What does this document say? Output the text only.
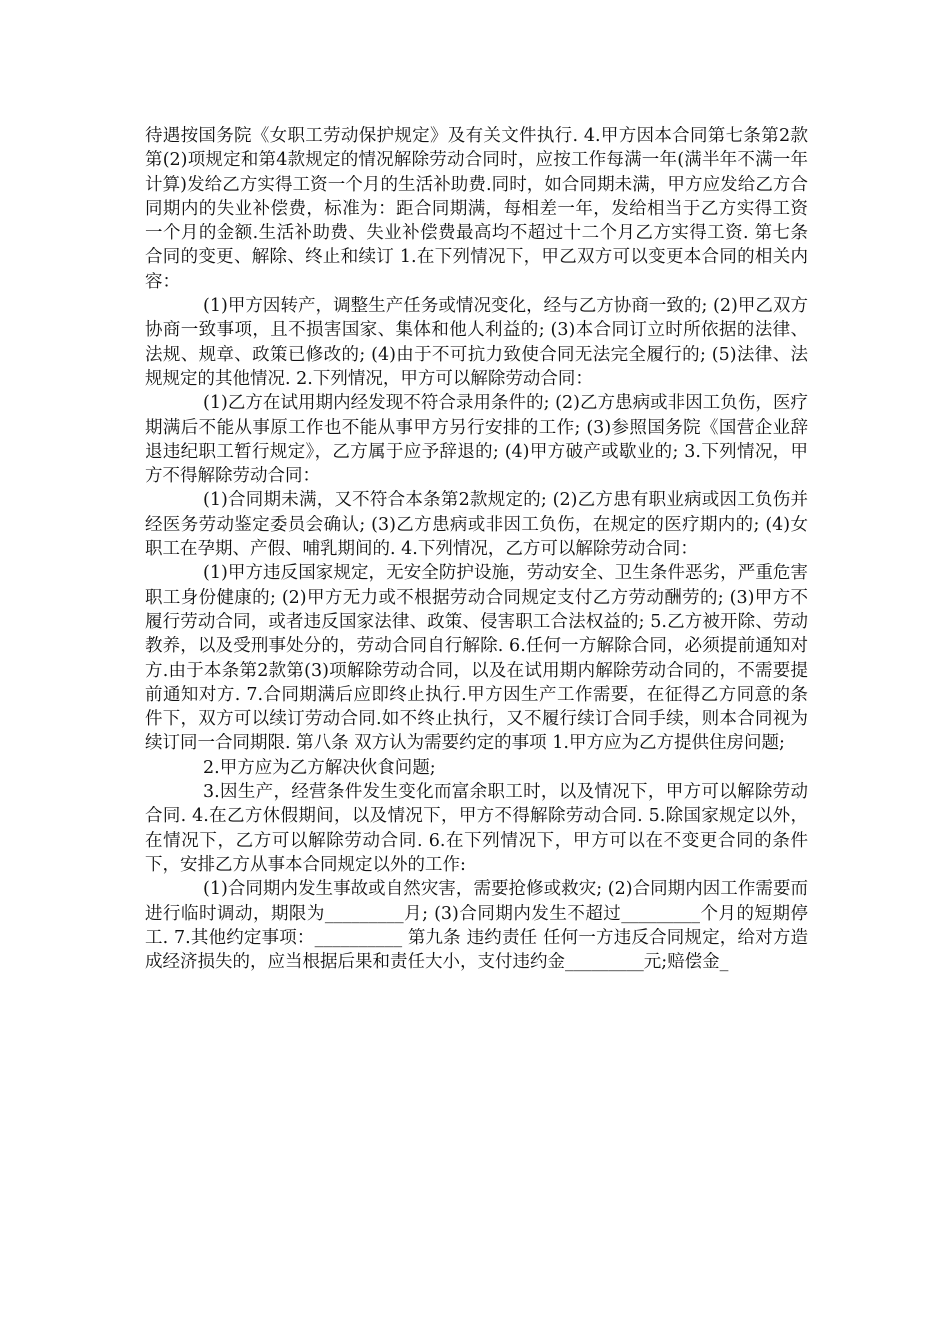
待遇按国务院《女职工劳动保护规定》及有关文件执行. 4.甲方因本合同第七条第2款第(2)项规定和第4款规定的情况解除劳动合同时，应按工作每满一年(满半年不满一年计算)发给乙方实得工资一个月的生活补助费.同时，如合同期未满，甲方应发给乙方合同期内的失业补偿费，标准为：距合同期满，每相差一年，发给相当于乙方实得工资一个月的金额.生活补助费、失业补偿费最高均不超过十二个月乙方实得工资. 第七条 合同的变更、解除、终止和续订 1.在下列情况下，甲乙双方可以变更本合同的相关内容：

(1)甲方因转产，调整生产任务或情况变化，经与乙方协商一致的; (2)甲乙双方协商一致事项，且不损害国家、集体和他人利益的; (3)本合同订立时所依据的法律、法规、规章、政策已修改的; (4)由于不可抗力致使合同无法完全履行的; (5)法律、法规规定的其他情况. 2.下列情况，甲方可以解除劳动合同：

(1)乙方在试用期内经发现不符合录用条件的; (2)乙方患病或非因工负伤，医疗期满后不能从事原工作也不能从事甲方另行安排的工作; (3)参照国务院《国营企业辞退违纪职工暂行规定》，乙方属于应予辞退的; (4)甲方破产或歇业的; 3.下列情况，甲方不得解除劳动合同：

(1)合同期未满，又不符合本条第2款规定的; (2)乙方患有职业病或因工负伤并经医务劳动鉴定委员会确认; (3)乙方患病或非因工负伤，在规定的医疗期内的; (4)女职工在孕期、产假、哺乳期间的. 4.下列情况，乙方可以解除劳动合同：

(1)甲方违反国家规定，无安全防护设施，劳动安全、卫生条件恶劣，严重危害职工身份健康的; (2)甲方无力或不根据劳动合同规定支付乙方劳动酬劳的; (3)甲方不履行劳动合同，或者违反国家法律、政策、侵害职工合法权益的; 5.乙方被开除、劳动教养，以及受刑事处分的，劳动合同自行解除. 6.任何一方解除合同，必须提前通知对方.由于本条第2款第(3)项解除劳动合同，以及在试用期内解除劳动合同的，不需要提前通知对方. 7.合同期满后应即终止执行.甲方因生产工作需要，在征得乙方同意的条件下，双方可以续订劳动合同.如不终止执行，又不履行续订合同手续，则本合同视为续订同一合同期限. 第八条 双方认为需要约定的事项 1.甲方应为乙方提供住房问题;

2.甲方应为乙方解决伙食问题;

3.因生产，经营条件发生变化而富余职工时，以及情况下，甲方可以解除劳动合同. 4.在乙方休假期间，以及情况下，甲方不得解除劳动合同. 5.除国家规定以外，在情况下，乙方可以解除劳动合同. 6.在下列情况下，甲方可以在不变更合同的条件下，安排乙方从事本合同规定以外的工作:

(1)合同期内发生事故或自然灾害，需要抢修或救灾; (2)合同期内因工作需要而进行临时调动，期限为_________月; (3)合同期内发生不超过_________个月的短期停工. 7.其他约定事项：__________ 第九条 违约责任 任何一方违反合同规定，给对方造成经济损失的，应当根据后果和责任大小，支付违约金_________元;赔偿金_
